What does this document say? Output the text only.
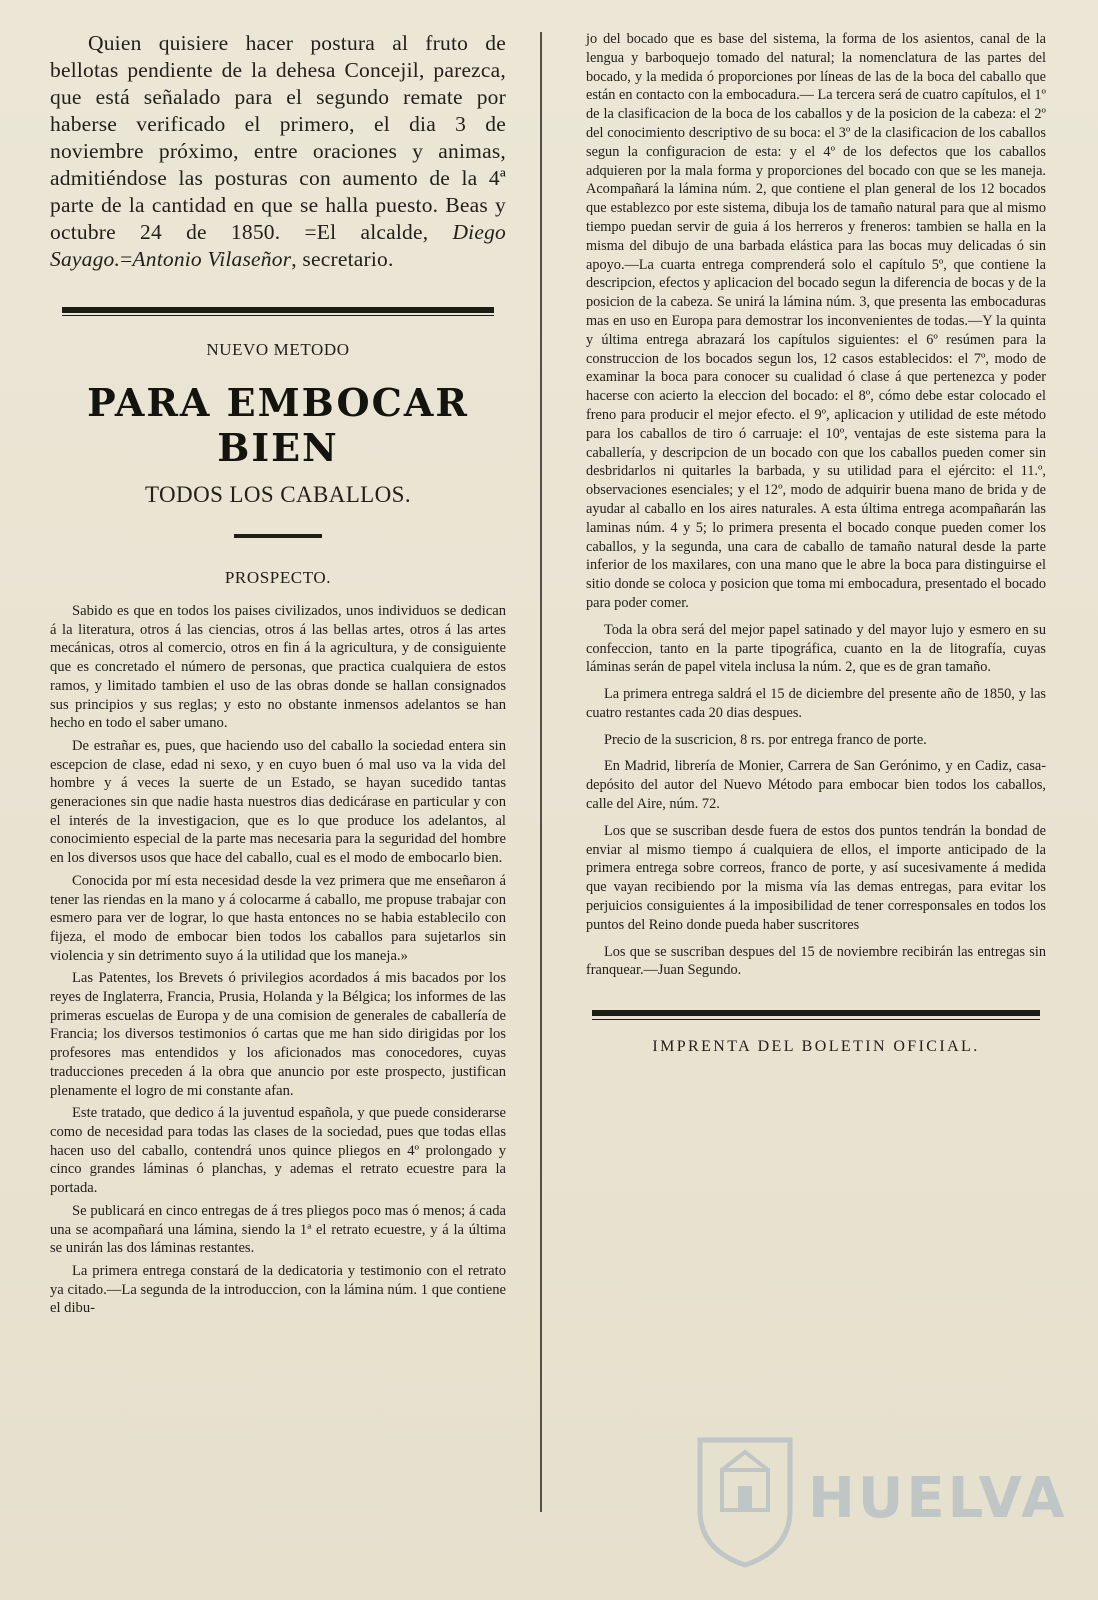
Quien quisiere hacer postura al fruto de bellotas pendiente de la dehesa Concejil, parezca, que está señalado para el segundo remate por haberse verificado el primero, el dia 3 de noviembre próximo, entre oraciones y animas, admitiéndose las posturas con aumento de la 4ª parte de la cantidad en que se halla puesto. Beas y octubre 24 de 1850. =El alcalde, Diego Sayago.=Antonio Vilaseñor, secretario.

NUEVO METODO
PARA EMBOCAR BIEN
TODOS LOS CABALLOS.
PROSPECTO.

Sabido es que en todos los paises civilizados, unos individuos se dedican á la literatura, otros á las ciencias, otros á las bellas artes, otros á las artes mecánicas, otros al comercio, otros en fin á la agricultura, y de consiguiente que es concretado el número de personas, que practica cualquiera de estos ramos, y limitado tambien el uso de las obras donde se hallan consignados sus principios y sus reglas; y esto no obstante inmensos adelantos se han hecho en todo el saber umano.

De estrañar es, pues, que haciendo uso del caballo la sociedad entera sin escepcion de clase, edad ni sexo, y en cuyo buen ó mal uso va la vida del hombre y á veces la suerte de un Estado, se hayan sucedido tantas generaciones sin que nadie hasta nuestros dias dedicárase en particular y con el interés de la investigacion, que es lo que produce los adelantos, al conocimiento especial de la parte mas necesaria para la seguridad del hombre en los diversos usos que hace del caballo, cual es el modo de embocarlo bien.

Conocida por mí esta necesidad desde la vez primera que me enseñaron á tener las riendas en la mano y á colocarme á caballo, me propuse trabajar con esmero para ver de lograr, lo que hasta entonces no se habia establecilo con fijeza, el modo de embocar bien todos los caballos para sujetarlos sin violencia y sin detrimento suyo á la utilidad que los maneja.»

Las Patentes, los Brevets ó privilegios acordados á mis bacados por los reyes de Inglaterra, Francia, Prusia, Holanda y la Bélgica; los informes de las primeras escuelas de Europa y de una comision de generales de caballería de Francia; los diversos testimonios ó cartas que me han sido dirigidas por los profesores mas entendidos y los aficionados mas conocedores, cuyas traducciones preceden á la obra que anuncio por este prospecto, justifican plenamente el logro de mi constante afan.

Este tratado, que dedico á la juventud española, y que puede considerarse como de necesidad para todas las clases de la sociedad, pues que todas ellas hacen uso del caballo, contendrá unos quince pliegos en 4º prolongado y cinco grandes láminas ó planchas, y ademas el retrato ecuestre para la portada.

Se publicará en cinco entregas de á tres pliegos poco mas ó menos; á cada una se acompañará una lámina, siendo la 1ª el retrato ecuestre, y á la última se unirán las dos láminas restantes.

La primera entrega constará de la dedicatoria y testimonio con el retrato ya citado.—La segunda de la introduccion, con la lámina núm. 1 que contiene el dibu-

jo del bocado que es base del sistema, la forma de los asientos, canal de la lengua y barboquejo tomado del natural; la nomenclatura de las partes del bocado, y la medida ó proporciones por líneas de las de la boca del caballo que están en contacto con la embocadura.— La tercera será de cuatro capítulos, el 1º de la clasificacion de la boca de los caballos y de la posicion de la cabeza: el 2º del conocimiento descriptivo de su boca: el 3º de la clasificacion de los caballos segun la configuracion de esta: y el 4º de los defectos que los caballos adquieren por la mala forma y proporciones del bocado con que se les maneja. Acompañará la lámina núm. 2, que contiene el plan general de los 12 bocados que establezco por este sistema, dibuja los de tamaño natural para que al mismo tiempo puedan servir de guia á los herreros y freneros: tambien se halla en la misma del dibujo de una barbada elástica para las bocas muy delicadas ó sin apoyo.—La cuarta entrega comprenderá solo el capítulo 5º, que contiene la descripcion, efectos y aplicacion del bocado segun la diferencia de bocas y de la posicion de la cabeza. Se unirá la lámina núm. 3, que presenta las embocaduras mas en uso en Europa para demostrar los inconvenientes de todas.—Y la quinta y última entrega abrazará los capítulos siguientes: el 6º resúmen para la construccion de los bocados segun los, 12 casos establecidos: el 7º, modo de examinar la boca para conocer su cualidad ó clase á que pertenezca y poder hacerse con acierto la eleccion del bocado: el 8º, cómo debe estar colocado el freno para producir el mejor efecto. el 9º, aplicacion y utilidad de este método para los caballos de tiro ó carruaje: el 10º, ventajas de este sistema para la caballería, y descripcion de un bocado con que los caballos pueden comer sin desbridarlos ni quitarles la barbada, y su utilidad para el ejército: el 11.º, observaciones esenciales; y el 12º, modo de adquirir buena mano de brida y de ayudar al caballo en los aires naturales. A esta última entrega acompañarán las laminas núm. 4 y 5; lo primera presenta el bocado conque pueden comer los caballos, y la segunda, una cara de caballo de tamaño natural desde la parte inferior de los maxilares, con una mano que le abre la boca para distinguirse el sitio donde se coloca y posicion que toma mi embocadura, presentado el bocado para poder comer.

Toda la obra será del mejor papel satinado y del mayor lujo y esmero en su confeccion, tanto en la parte tipográfica, cuanto en la de litografía, cuyas láminas serán de papel vitela inclusa la núm. 2, que es de gran tamaño.

La primera entrega saldrá el 15 de diciembre del presente año de 1850, y las cuatro restantes cada 20 dias despues.

Precio de la suscricion, 8 rs. por entrega franco de porte.

En Madrid, librería de Monier, Carrera de San Gerónimo, y en Cadiz, casa-depósito del autor del Nuevo Método para embocar bien todos los caballos, calle del Aire, núm. 72.

Los que se suscriban desde fuera de estos dos puntos tendrán la bondad de enviar al mismo tiempo á cualquiera de ellos, el importe anticipado de la primera entrega sobre correos, franco de porte, y así sucesivamente á medida que vayan recibiendo por la misma vía las demas entregas, para evitar los perjuicios consiguientes á la imposibilidad de tener corresponsales en todos los puntos del Reino donde pueda haber suscritores

Los que se suscriban despues del 15 de noviembre recibirán las entregas sin franquear.—Juan Segundo.

IMPRENTA DEL BOLETIN OFICIAL.
HUELVA
